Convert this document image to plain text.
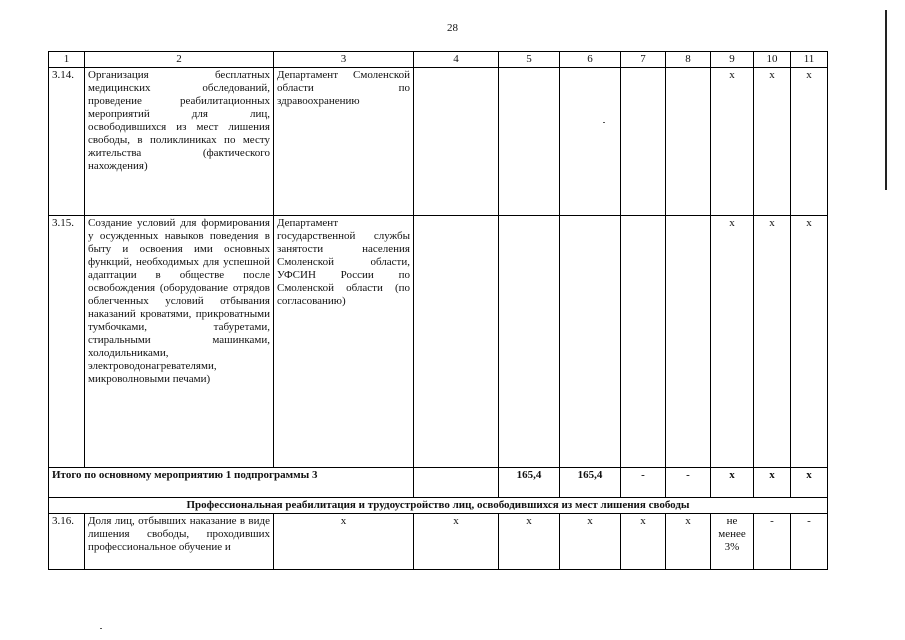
28
1	2	3	4	5	6	7	8	9	10	11
3.14.	Организация бесплатных медицинских обследований, проведение реабилитационных мероприятий для лиц, освободившихся из мест лишения свободы, в поликлиниках по месту жительства (фактического нахождения)	Департамент Смоленской области по здравоохранению						х	х	х
3.15.	Создание условий для формирования у осужденных навыков поведения в быту и освоения ими основных функций, необходимых для успешной адаптации в обществе после освобождения (оборудование отрядов облегченных условий отбывания наказаний кроватями, прикроватными тумбочками, табуретами, стиральными машинками, холодильниками, электроводонагревателями, микроволновыми печами)	Департамент государственной службы занятости населения Смоленской области, УФСИН России по Смоленской области (по согласованию)						х	х	х
Итого по основному мероприятию 1 подпрограммы 3				165,4	165,4	-	-	х	х	х
Профессиональная реабилитация и трудоустройство лиц, освободившихся из мест лишения свободы										
3.16.	Доля лиц, отбывших наказание в виде лишения свободы, проходивших профессиональное обучение и	х	х	х	х	х	х	не менее 3%	-	-
